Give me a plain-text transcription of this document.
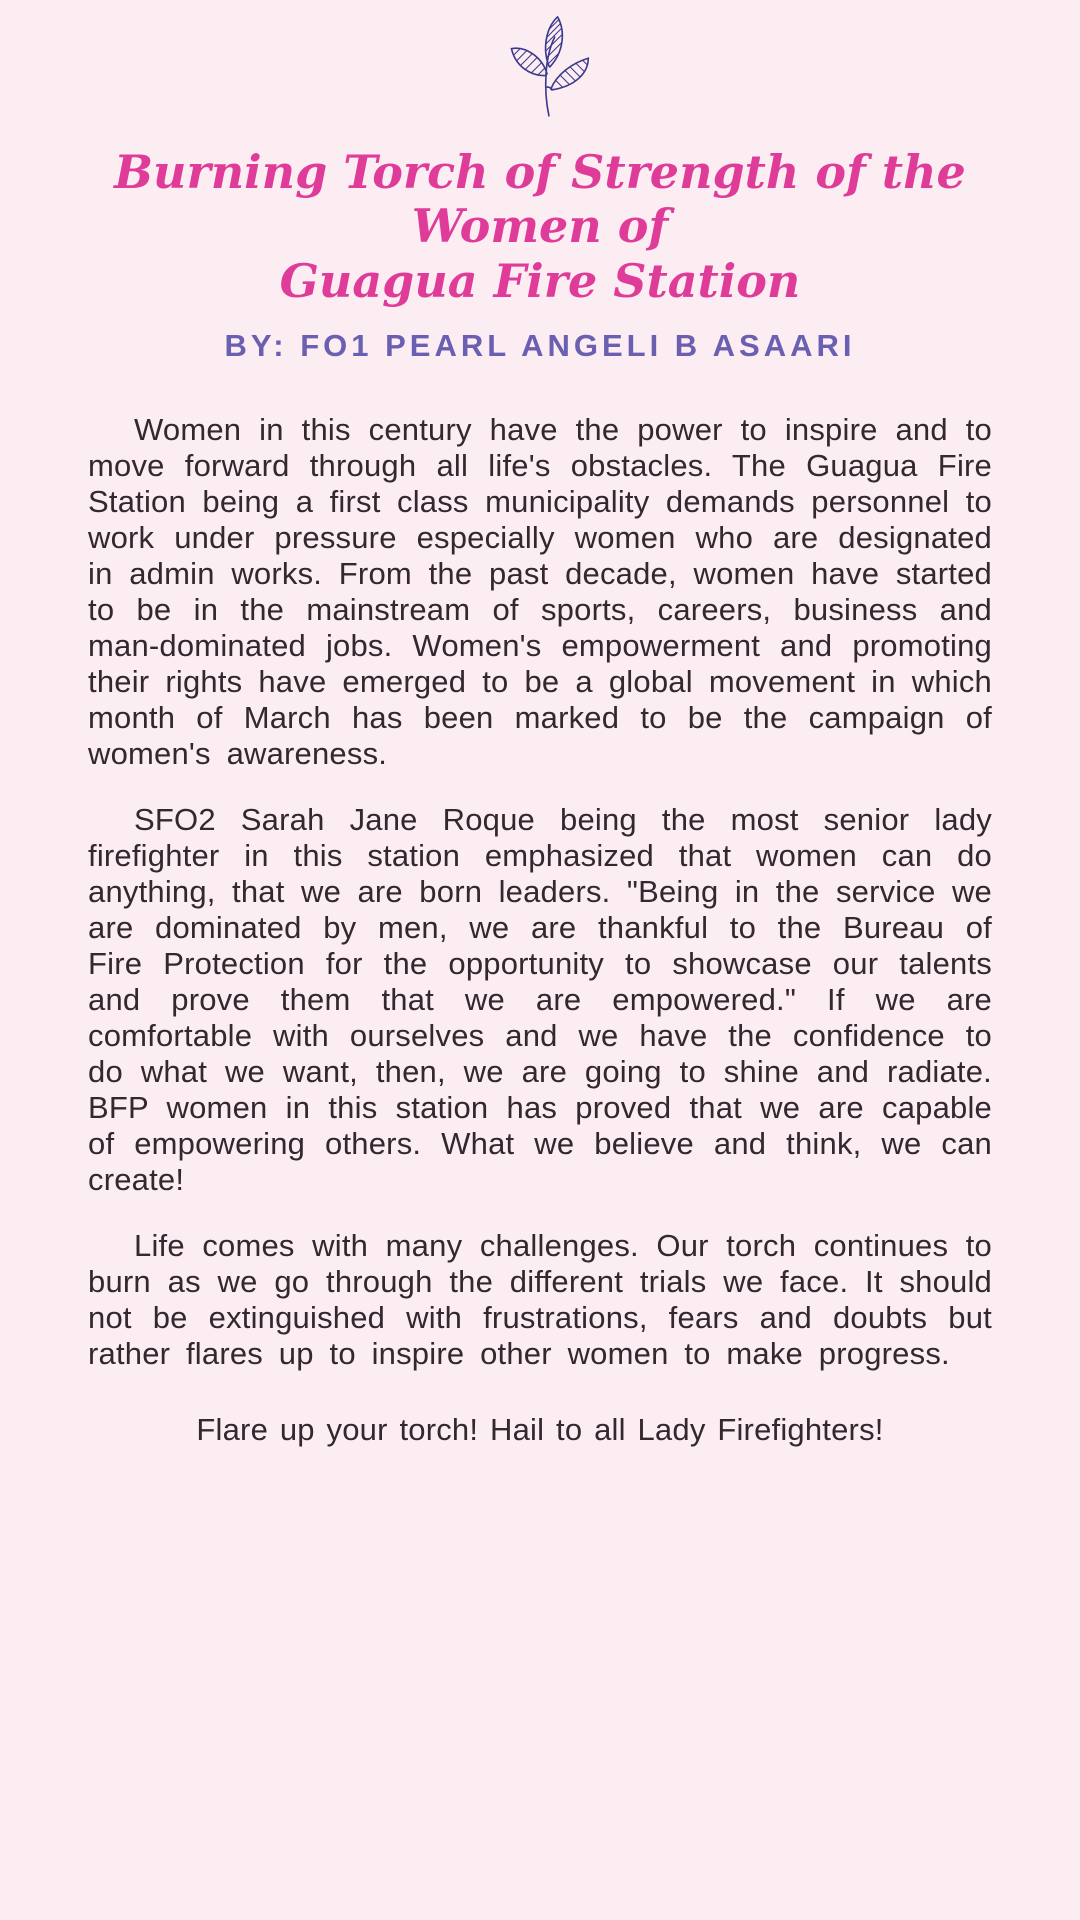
Burning Torch of Strength of the Women of
Guagua Fire Station
BY: FO1 PEARL ANGELI B ASAARI

Women in this century have the power to inspire and to move forward through all life's obstacles. The Guagua Fire Station being a first class municipality demands personnel to work under pressure especially women who are designated in admin works. From the past decade, women have started to be in the mainstream of sports, careers, business and man-dominated jobs. Women's empowerment and promoting their rights have emerged to be a global movement in which month of March has been marked to be the campaign of women's awareness.

SFO2 Sarah Jane Roque being the most senior lady firefighter in this station emphasized that women can do anything, that we are born leaders. "Being in the service we are dominated by men, we are thankful to the Bureau of Fire Protection for the opportunity to showcase our talents and prove them that we are empowered." If we are comfortable with ourselves and we have the confidence to do what we want, then, we are going to shine and radiate. BFP women in this station has proved that we are capable of empowering others. What we believe and think, we can create!

Life comes with many challenges. Our torch continues to burn as we go through the different trials we face. It should not be extinguished with frustrations, fears and doubts but rather flares up to inspire other women to make progress.

Flare up your torch! Hail to all Lady Firefighters!
